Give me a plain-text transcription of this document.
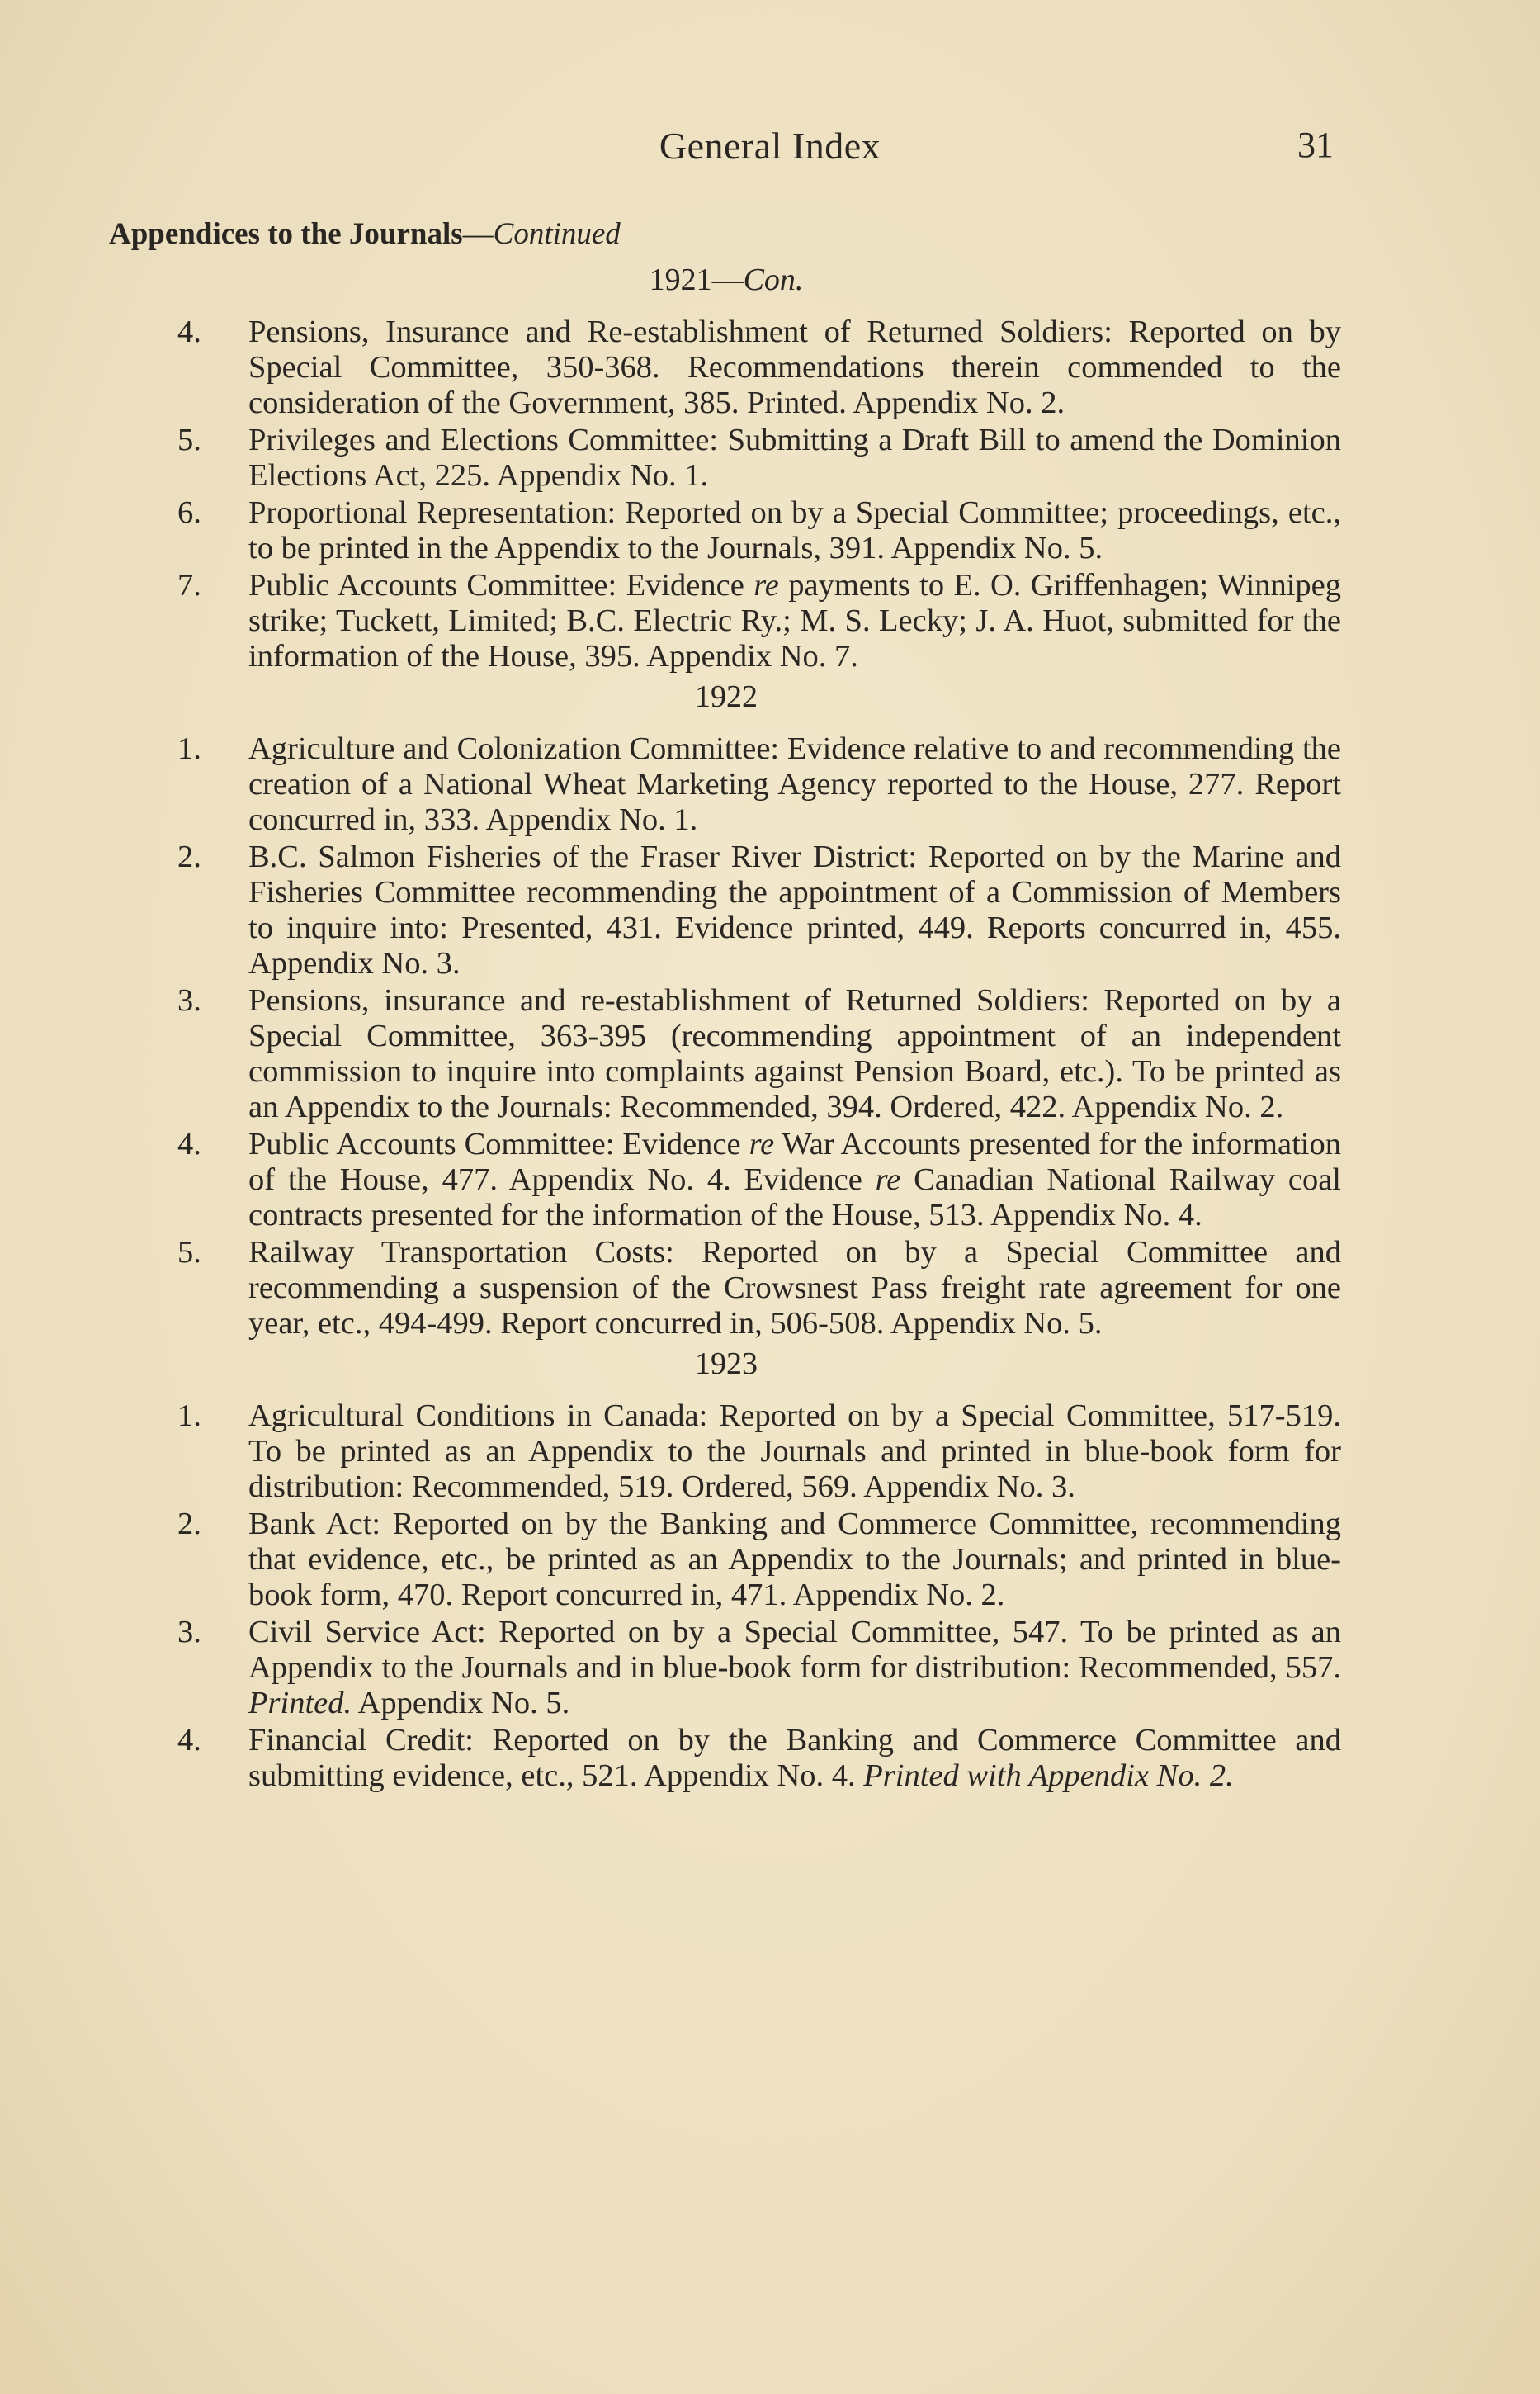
General Index	31
Appendices to the Journals—Continued
1921—Con.
4. Pensions, Insurance and Re-establishment of Returned Soldiers: Reported on by Special Committee, 350-368. Recommendations therein commended to the consideration of the Government, 385. Printed. Appendix No. 2.
5. Privileges and Elections Committee: Submitting a Draft Bill to amend the Dominion Elections Act, 225. Appendix No. 1.
6. Proportional Representation: Reported on by a Special Committee; proceedings, etc., to be printed in the Appendix to the Journals, 391. Appendix No. 5.
7. Public Accounts Committee: Evidence re payments to E. O. Griffenhagen; Winnipeg strike; Tuckett, Limited; B.C. Electric Ry.; M. S. Lecky; J. A. Huot, submitted for the information of the House, 395. Appendix No. 7.
1922
1. Agriculture and Colonization Committee: Evidence relative to and recommending the creation of a National Wheat Marketing Agency reported to the House, 277. Report concurred in, 333. Appendix No. 1.
2. B.C. Salmon Fisheries of the Fraser River District: Reported on by the Marine and Fisheries Committee recommending the appointment of a Commission of Members to inquire into: Presented, 431. Evidence printed, 449. Reports concurred in, 455. Appendix No. 3.
3. Pensions, insurance and re-establishment of Returned Soldiers: Reported on by a Special Committee, 363-395 (recommending appointment of an independent commission to inquire into complaints against Pension Board, etc.). To be printed as an Appendix to the Journals: Recommended, 394. Ordered, 422. Appendix No. 2.
4. Public Accounts Committee: Evidence re War Accounts presented for the information of the House, 477. Appendix No. 4. Evidence re Canadian National Railway coal contracts presented for the information of the House, 513. Appendix No. 4.
5. Railway Transportation Costs: Reported on by a Special Committee and recommending a suspension of the Crowsnest Pass freight rate agreement for one year, etc., 494-499. Report concurred in, 506-508. Appendix No. 5.
1923
1. Agricultural Conditions in Canada: Reported on by a Special Committee, 517-519. To be printed as an Appendix to the Journals and printed in blue-book form for distribution: Recommended, 519. Ordered, 569. Appendix No. 3.
2. Bank Act: Reported on by the Banking and Commerce Committee, recommending that evidence, etc., be printed as an Appendix to the Journals; and printed in blue-book form, 470. Report concurred in, 471. Appendix No. 2.
3. Civil Service Act: Reported on by a Special Committee, 547. To be printed as an Appendix to the Journals and in blue-book form for distribution: Recommended, 557. Printed. Appendix No. 5.
4. Financial Credit: Reported on by the Banking and Commerce Committee and submitting evidence, etc., 521. Appendix No. 4. Printed with Appendix No. 2.
